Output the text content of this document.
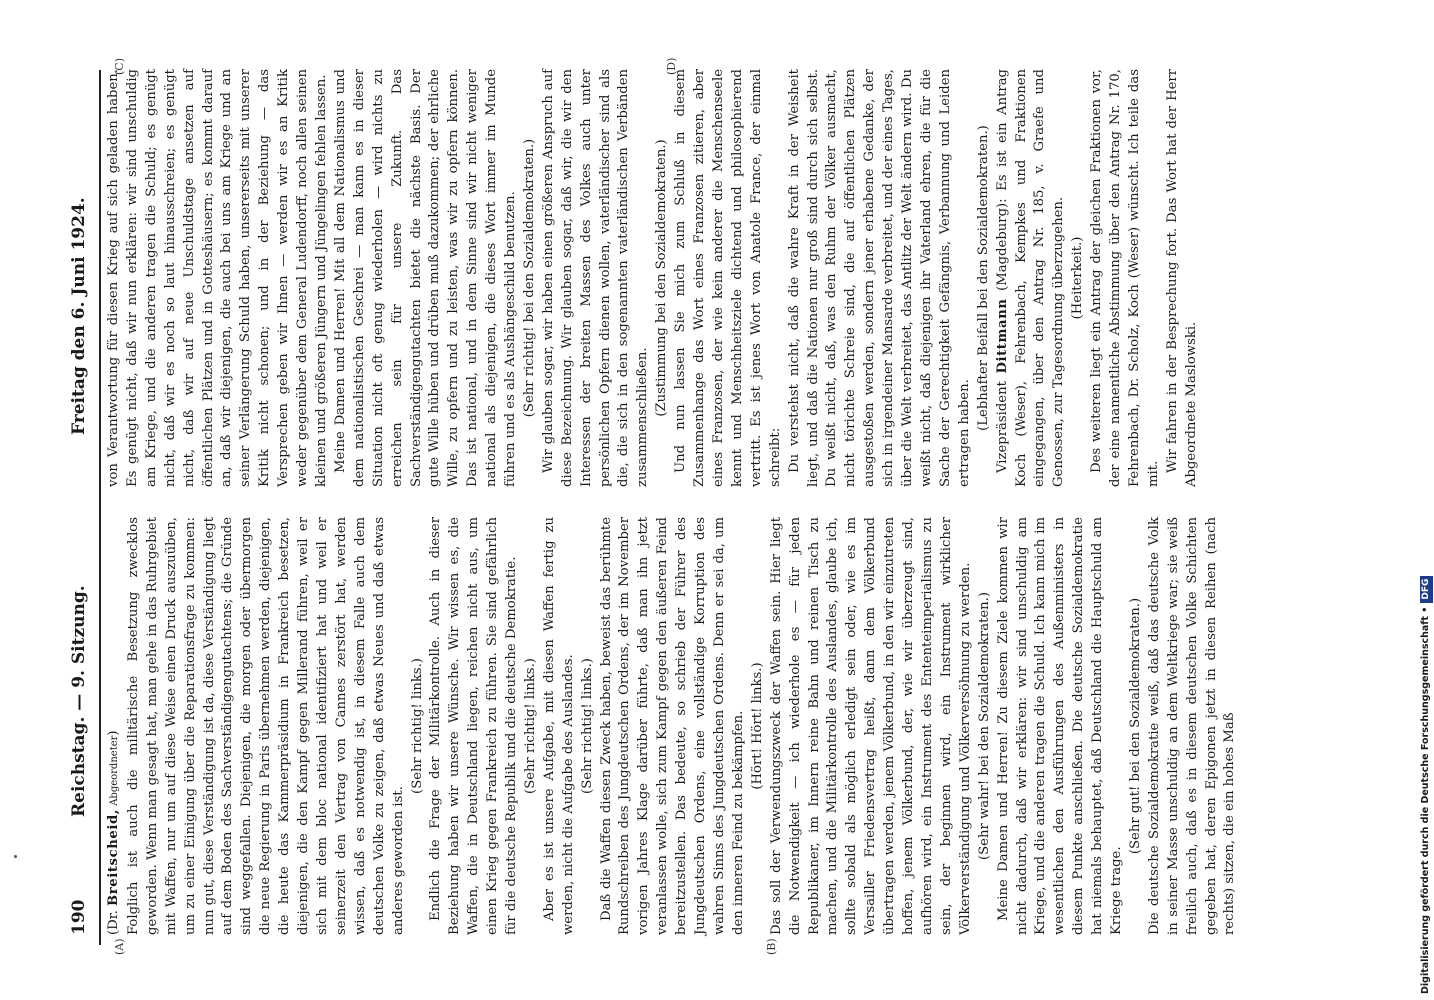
190
Reichstag. — 9. Sitzung.
Freitag den 6. Juni 1924.
(A)	(B)
(C)	(D)

(Dr. Breitscheid, Abgeordneter) Folglich ist auch die militärische Besetzung zwecklos geworden. Wenn man gesagt hat, man gehe in das Ruhrgebiet mit Waffen, nur um auf diese Weise einen Druck auszuüben, um zu einer Einigung über die Reparationsfrage zu kommen: nun gut, diese Verständigung ist da, diese Verständigung liegt auf dem Boden des Sachverständigengutachtens; die Gründe sind weggefallen. Diejenigen, die morgen oder übermorgen die neue Regierung in Paris übernehmen werden, diejenigen, die heute das Kammerpräsidium in Frankreich besetzen, diejenigen, die den Kampf gegen Millerand führen, weil er sich mit dem bloc national identifiziert hat und weil er seinerzeit den Vertrag von Cannes zerstört hat, werden wissen, daß es notwendig ist, in diesem Falle auch dem deutschen Volke zu zeigen, daß etwas Neues und daß etwas anderes geworden ist.

(Sehr richtig! links.) Endlich die Frage der Militärkontrolle. Auch in dieser Beziehung haben wir unsere Wünsche. Wir wissen es, die Waffen, die in Deutschland liegen, reichen nicht aus, um einen Krieg gegen Frankreich zu führen. Sie sind gefährlich für die deutsche Republik und die deutsche Demokratie. (Sehr richtig! links.) Aber es ist unsere Aufgabe, mit diesen Waffen fertig zu werden, nicht die Aufgabe des Auslandes. (Sehr richtig! links.) Daß die Waffen diesen Zweck haben, beweist das berühmte Rundschreiben des Jungdeutschen Ordens, der im November vorigen Jahres Klage darüber führte, daß man ihn jetzt veranlassen wolle, sich zum Kampf gegen den äußeren Feind bereitzustellen. Das bedeute, so schrieb der Führer des Jungdeutschen Ordens, eine vollständige Korruption des wahren Sinns des Jungdeutschen Ordens. Denn er sei da, um den inneren Feind zu bekämpfen. (Hört! Hört! links.) Das soll der Verwendungszweck der Waffen sein. Hier liegt die Notwendigkeit — ich wiederhole es — für jeden Republikaner, im Innern reine Bahn und reinen Tisch zu machen, und die Militärkontrolle des Auslandes, glaube ich, sollte sobald als möglich erledigt sein oder, wie es im Versailler Friedensvertrag heißt, dann dem Völkerbund übertragen werden, jenem Völkerbund, in den wir einzutreten hoffen, jenem Völkerbund, der, wie wir überzeugt sind, aufhören wird, ein Instrument des Ententeimperialismus zu sein, der beginnen wird, ein Instrument wirklicher Völkerverständigung und Völkerversöhnung zu werden. (Sehr wahr! bei den Sozialdemokraten.) Meine Damen und Herren! Zu diesem Ziele kommen wir nicht dadurch, daß wir erklären: wir sind unschuldig am Kriege, und die anderen tragen die Schuld. Ich kann mich im wesentlichen den Ausführungen des Außenministers in diesem Punkte anschließen. Die deutsche Sozialdemokratie hat niemals behauptet, daß Deutschland die Hauptschuld am Kriege trage.

(Sehr gut! bei den Sozialdemokraten.) Die deutsche Sozialdemokratie weiß, daß das deutsche Volk in seiner Masse unschuldig an dem Weltkriege war; sie weiß freilich auch, daß es in diesem deutschen Volke Schichten gegeben hat, deren Epigonen jetzt in diesen Reihen (nach rechts) sitzen, die ein hohes Maß

von Verantwortung für diesen Krieg auf sich geladen haben. Es genügt nicht, daß wir nun erklären: wir sind unschuldig am Kriege, und die anderen tragen die Schuld; es genügt nicht, daß wir es noch so laut hinausschreien; es genügt nicht, daß wir auf neue Unschuldstage ansetzen auf öffentlichen Plätzen und in Gotteshäusern; es kommt darauf an, daß wir diejenigen, die auch bei uns am Kriege und an seiner Verlängerung Schuld haben, unsererseits mit unserer Kritik nicht schonen; und in der Beziehung — das Versprechen geben wir Ihnen — werden wir es an Kritik weder gegenüber dem General Ludendorff, noch allen seinen kleinen und größeren Jüngern und Jüngelingen fehlen lassen. Meine Damen und Herren! Mit all dem Nationalismus und dem nationalistischen Geschrei — man kann es in dieser Situation nicht oft genug wiederholen — wird nichts zu erreichen sein für unsere Zukunft. Das Sachverständigengutachten bietet die nächste Basis. Der gute Wille hüben und drüben muß dazukommen; der ehrliche Wille, zu opfern und zu leisten, was wir zu opfern können. Das ist national, und in dem Sinne sind wir nicht weniger national als diejenigen, die dieses Wort immer im Munde führen und es als Aushängeschild benutzen. (Sehr richtig! bei den Sozialdemokraten.) Wir glauben sogar, wir haben einen größeren Anspruch auf diese Bezeichnung. Wir glauben sogar, daß wir, die wir den Interessen der breiten Massen des Volkes auch unter persönlichen Opfern dienen wollen, vaterländischer sind als die, die sich in den sogenannten vaterländischen Verbänden zusammenschließen.

(Zustimmung bei den Sozialdemokraten.) Und nun lassen Sie mich zum Schluß in diesem Zusammenhange das Wort eines Franzosen zitieren, aber eines Franzosen, der wie kein anderer die Menschenseele kennt und Menschheitsziele dichtend und philosophierend vertritt. Es ist jenes Wort von Anatole France, der einmal schreibt: Du verstehst nicht, daß die wahre Kraft in der Weisheit liegt, und daß die Nationen nur groß sind durch sich selbst. Du weißt nicht, daß, was den Ruhm der Völker ausmacht, nicht törichte Schreie sind, die auf öffentlichen Plätzen ausgestoßen werden, sondern jener erhabene Gedanke, der sich in irgendeiner Mansarde verbreitet, und der eines Tages, über die Welt verbreitet, das Antlitz der Welt ändern wird. Du weißt nicht, daß diejenigen ihr Vaterland ehren, die für die Sache der Gerechtigkeit Gefängnis, Verbannung und Leiden ertragen haben.

(Lebhafter Beifall bei den Sozialdemokraten.) Vizepräsident Dittmann (Magdeburg): Es ist ein Antrag Koch (Weser), Fehrenbach, Kempkes und Fraktionen eingegangen, über den Antrag Nr. 185, v. Graefe und Genossen, zur Tagesordnung überzugehen. (Heiterkeit.) Des weiteren liegt ein Antrag der gleichen Fraktionen vor, der eine namentliche Abstimmung über den Antrag Nr. 170, Fehrenbach, Dr. Scholz, Koch (Weser) wünscht. Ich teile das mit.

Wir fahren in der Besprechung fort. Das Wort hat der Herr Abgeordnete Maslowski.

Digitalisierung gefördert durch die Deutsche Forschungsgemeinschaft •DFG
